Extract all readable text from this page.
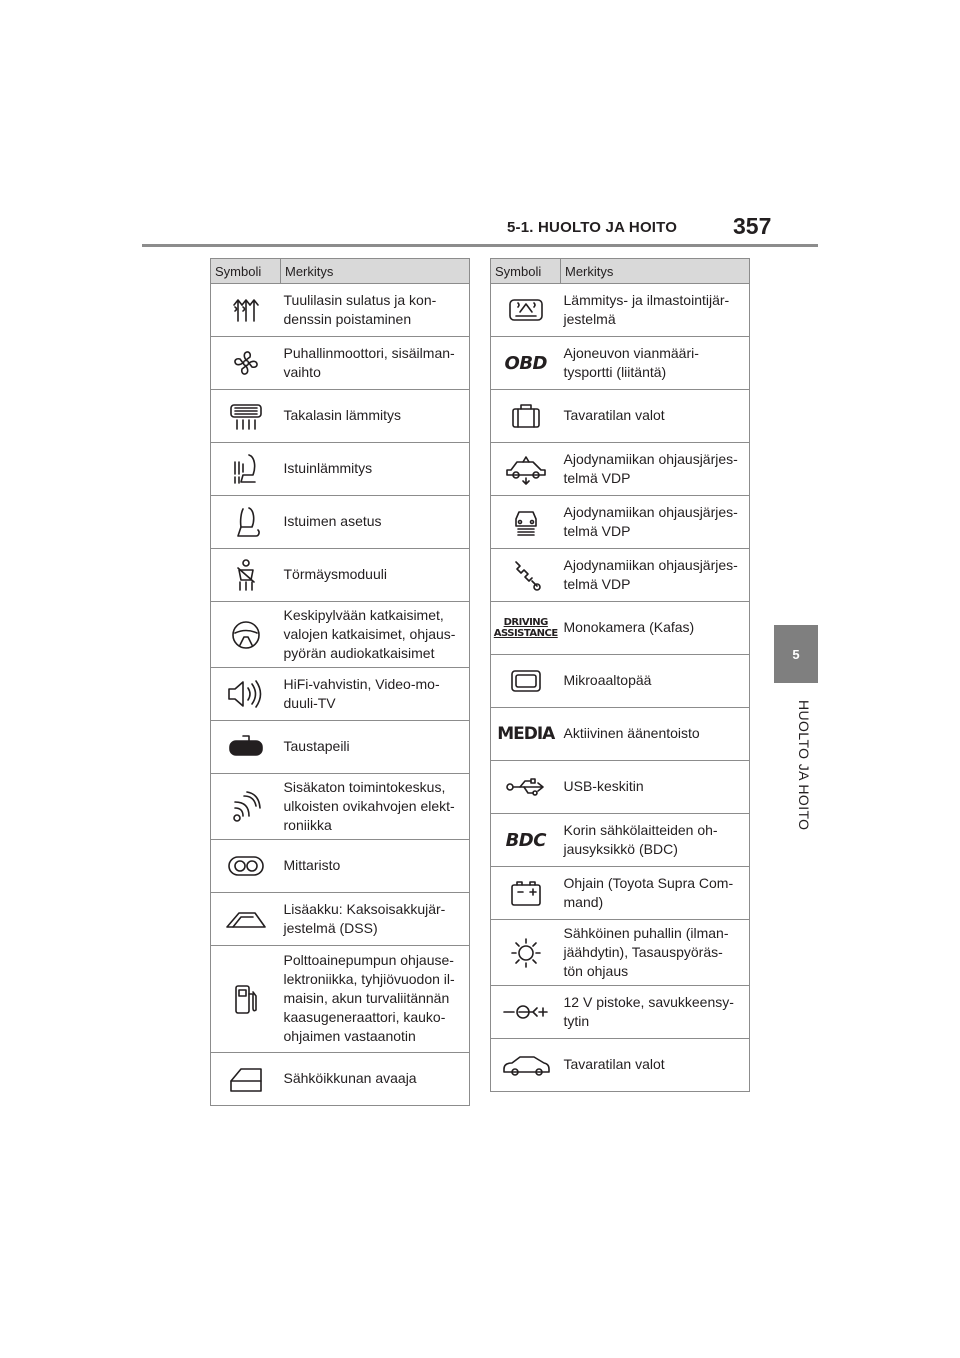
5-1. HUOLTO JA HOITO 357
5
HUOLTO JA HOITO
Symboli	Merkitys

	Tuulilasin sulatus ja kon-
denssin poistaminen

	Puhallinmoottori, sisäilman-
vaihto

	Takalasin lämmitys

	Istuinlämmitys

	Istuimen asetus

	Törmäysmoduuli

	Keskipylvään katkaisimet,
valojen katkaisimet, ohjaus-
pyörän audiokatkaisimet

	HiFi-vahvistin, Video-mo-
duuli-TV

	Taustapeili

	Sisäkaton toimintokeskus,
ulkoisten ovikahvojen elekt-
roniikka

	Mittaristo

	Lisäakku: Kaksoisakkujär-
jestelmä (DSS)

	Polttoainepumpun ohjause-
lektroniikka, tyhjiövuodon il-
maisin, akun turvaliitännän
kaasugeneraattori, kauko-
ohjaimen vastaanotin

	Sähköikkunan avaaja
Symboli	Merkitys

	Lämmitys- ja ilmastointijär-
jestelmä
OBD	Ajoneuvon vianmääri-
tysportti (liitäntä)

	Tavaratilan valot

	Ajodynamiikan ohjausjärjes-
telmä VDP

	Ajodynamiikan ohjausjärjes-
telmä VDP

	Ajodynamiikan ohjausjärjes-
telmä VDP
DRIVING
ASSISTANCE	Monokamera (Kafas)

	Mikroaaltopää
MEDIA	Aktiivinen äänentoisto

	USB-keskitin
BDC	Korin sähkölaitteiden oh-
jausyksikkö (BDC)

	Ohjain (Toyota Supra Com-
mand)

	Sähköinen puhallin (ilman-
jäähdytin), Tasauspyöräs-
tön ohjaus

	12 V pistoke, savukkeensy-
tytin

	Tavaratilan valot
